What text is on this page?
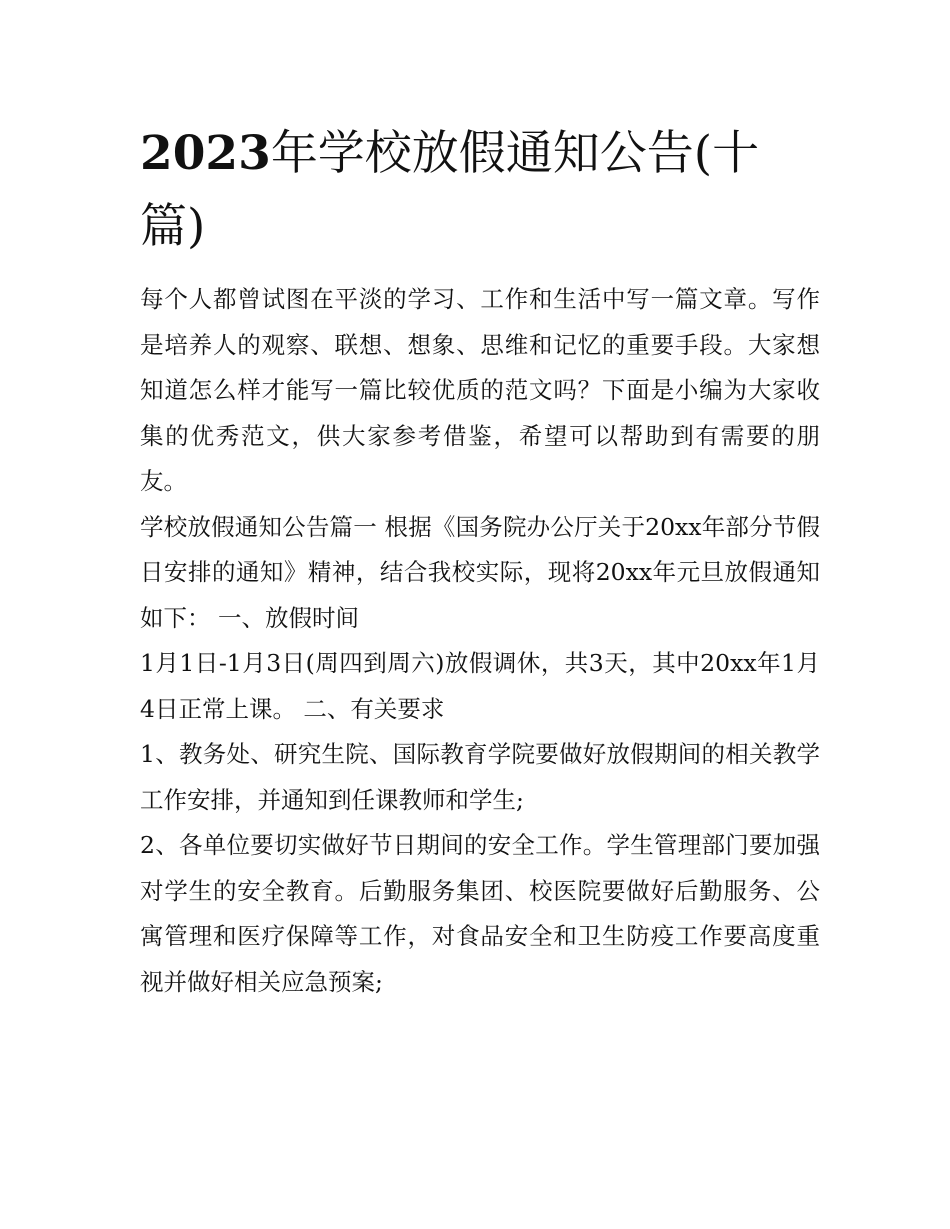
2023年学校放假通知公告(十篇)

每个人都曾试图在平淡的学习、工作和生活中写一篇文章。写作是培养人的观察、联想、想象、思维和记忆的重要手段。大家想知道怎么样才能写一篇比较优质的范文吗？下面是小编为大家收集的优秀范文，供大家参考借鉴，希望可以帮助到有需要的朋友。

学校放假通知公告篇一 根据《国务院办公厅关于20xx年部分节假日安排的通知》精神，结合我校实际，现将20xx年元旦放假通知如下： 一、放假时间

1月1日-1月3日(周四到周六)放假调休，共3天，其中20xx年1月4日正常上课。 二、有关要求

1、教务处、研究生院、国际教育学院要做好放假期间的相关教学工作安排，并通知到任课教师和学生;

2、各单位要切实做好节日期间的安全工作。学生管理部门要加强对学生的安全教育。后勤服务集团、校医院要做好后勤服务、公寓管理和医疗保障等工作，对食品安全和卫生防疫工作要高度重视并做好相关应急预案;
